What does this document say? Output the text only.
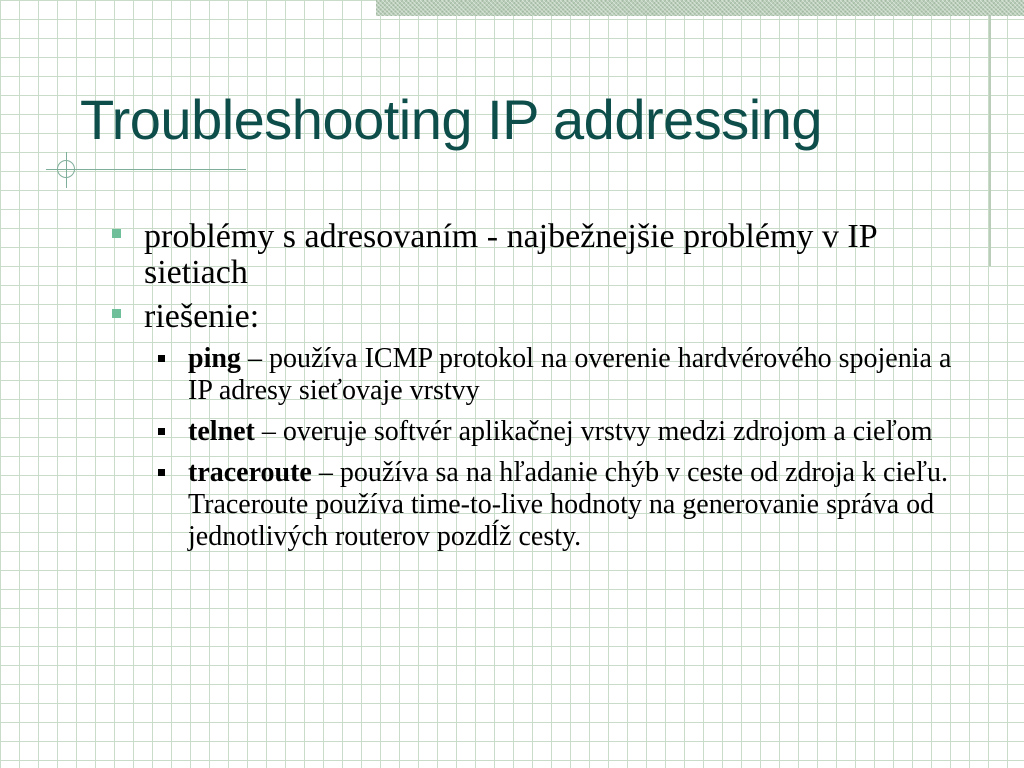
Troubleshooting IP addressing
problémy s adresovaním - najbežnejšie problémy v IP sietiach
riešenie:
ping – používa ICMP protokol na overenie hardvérového spojenia a IP adresy sieťovaje vrstvy
telnet – overuje softvér aplikačnej vrstvy medzi zdrojom a cieľom
traceroute – používa sa na hľadanie chýb v ceste od zdroja k cieľu. Traceroute používa time-to-live hodnoty na generovanie správa od jednotlivých routerov pozdĺž cesty.
